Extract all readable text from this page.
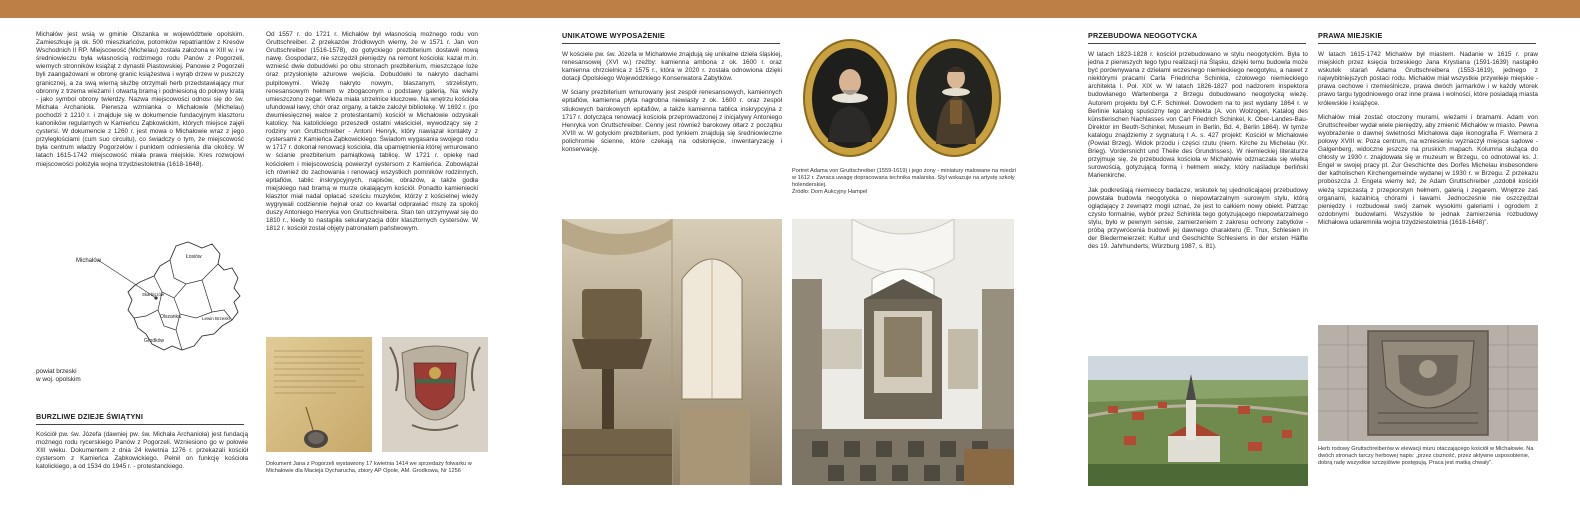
Michałów jest wsią w gminie Olszanka w województwie opolskim. Zamieszkuje ją ok. 500 mieszkańców, potomków repatriantów z Kresów Wschodnich II RP. Miejscowość (Michelau) została założona w XIII w. i w średniowieczu była własnością rodzimego rodu Panów z Pogorzeli, wiernych stronników książąt z dynastii Piastowskiej. Panowie z Pogorzeli byli zaangażowani w obronę granic książestwa i wyrąb drzew w puszczy granicznej, a za swą wierną służbę otrzymali herb przedstawiający mur obronny z trzema wieżami i otwartą bramą i podniesioną do połowy kratą - jako symbol obrony twierdzy. Nazwa miejscowości odnosi się do św. Michała Archanioła. Pierwsza wzmianka o Michałowie (Michelau) pochodzi z 1210 r. i znajduje się w dokumencie fundacyjnym klasztoru kanoników regularnych w Kamieńcu Ząbkowickim, których miejsce zajęli cystersi. W dokumencie z 1260 r. jest mowa o Michałowie wraz z jego przyległościami (cum suo circuitu), co świadczy o tym, że miejscowość była centrum władzy Pogorzelów i punktem odniesienia dla okolicy. W latach 1615-1742 miejscowość miała prawa miejskie. Kres rozwojowi miejscowości położyła wojna trzydziestoletnia (1618-1648).

Michałów
Łosiów
Skarbiszów
Olszanka	Lewin Brzeski
Grodków
powiat brzeski
w woj. opolskim
BURZLIWE DZIEJE ŚWIĄTYNI

Kościół pw. św. Józefa (dawniej pw. św. Michała Archanioła) jest fundacją możnego rodu rycerskiego Panów z Pogorzeli. Wzniesiono go w połowie XIII wieku. Dokumentem z dnia 24 kwietnia 1276 r. przekazali kościół cystersom z Kamieńca Ząbkowickiego. Pełnił on funkcję kościoła katolickiego, a od 1534 do 1945 r. - protestanckiego.

Od 1557 r. do 1721 r. Michałów był własnością możnego rodu von Gruttschreiber. Z przekazów źródłowych wiemy, że w 1571 r. Jan von Gruttschreiber (1516-1578), do gotyckiego prezbiterium dostawił nową nawę. Gospodarz, nie szczędził pieniędzy na remont kościoła: kazał m.in. wznieść dwie dobudówki po obu stronach prezbiterium, mieszczące loże oraz przysłonięte ażurowe wejścia. Dobudówki te nakryto dachami pulpitowymi. Wieżę nakryto nowym, blaszanym, strzelistym, renesansowym hełmem w zbogaconym u podstawy galerią. Na wieży umieszczono zegar. Wieża miała strzelnice kluczowe. Na wnętrzu kościoła ufundował ławy, chór oraz organy, a także założył bibliotekę. W 1692 r. (po dwumiesięcznej walce z protestantami) kościół w Michałowie odzyskali katolicy. Na katolickiego przeszedł ostatni właściciel, wywodzący się z rodziny von Gruttschreiber - Antoni Henryk, który nawiązał kontakty z cystersami z Kamieńca Ząbkowickiego. Świadom wygasania swojego rodu w 1717 r. dokonał renowacji kościoła, dla upamiętnienia której wmurowano w ścianie prezbiterium pamiątkową tablicę. W 1721 r. opiekę nad kościołem i miejscowością powierzył cystersom z Kamieńca. Zobowiązał ich również do zachowania i renowacji wszystkich pomników rodzinnych, epitafiów, tablic inskrypcyjnych, napisów, obrazów, a także godła miejskiego nad bramą w murze okalającym kościół. Ponadto kamieniecki klasztor miał nadal opłacać sześciu muzyków, którzy z kościelnej wieży wygrywali codziennie hejnał oraz co kwartał odprawiać mszę za spokój duszy Antoniego Henryka von Gruttschreibera. Stan ten utrzymywał się do 1810 r., kiedy to nastąpiła sekularyzacja dóbr klasztornych cystersów. W 1812 r. kościół został objęty patronatem państwowym.

Dokument Jana z Pogorzeli wystawiony 17 kwietnia 1414 we sprzedaży folwarku w Michałowie dla Macieja Dycharucha, zbiory AP Opole, AM. Grodkowa, Nr 1256
UNIKATOWE WYPOSAŻENIE

W kościele pw. św. Józefa w Michałowie znajdują się unikalne dzieła śląskiej, renesansowej (XVI w.) rzeźby: kamienna ambona z ok. 1600 r. oraz kamienna chrzcielnica z 1575 r., która w 2020 r. została odnowiona dzięki dotacji Opolskiego Wojewódzkiego Konserwatora Zabytków.

W ściany prezbiterium wmurowany jest zespół renesansowych, kamiennych epitafiów, kamienna płyta nagrobna niewiasty z ok. 1600 r. oraz zespół stiukowych barokowych epitafiów, a także kamienna tablica inskrypcyjna z 1717 r. dotycząca renowacji kościoła przeprowadzonej z inicjatywy Antoniego Henryka von Gruttschreiber. Cenny jest również barokowy ołtarz z początku XVIII w. W gotyckim prezbiterium, pod tynkiem znajdują się średniowieczne polichromie ścienne, które czekają na odsłonięcie, inwentaryzację i konserwację.

Portret Adama von Gruttschreiber (1559-1619) i jego żony - miniatury malowane na miedzi w 1612 r. Zwraca uwagę dopracowana technika malarska. Styl wskazuje na artystę szkoły holenderskiej.
Źródło: Dom Aukcyjny Hampel
PRZEBUDOWA NEOGOTYCKA

W latach 1823-1828 r. kościół przebudowano w stylu neogotyckim. Była to jedna z pierwszych tego typu realizacji na Śląsku, dzięki temu budowla może być porównywana z dziełami wczesnego niemieckiego neogotyku, a nawet z niektórymi pracami Carla Friedricha Schinkla, czołowego niemieckiego architekta I. Poł. XIX w. W latach 1826-1827 pod nadzorem inspektora budowlanego Wartenberga z Brzegu dobudowano neogotycką wieżę. Autorem projektu był C.F. Schinkel. Dowodem na to jest wydany 1864 r. w Berlinie katalog spuścizny tego architekta (A. von Wolzogen, Katalog des künstlerischen Nachlasses von Carl Friedrich Schinkel, k. Ober-Landes-Bau-Direktor im Beuth-Schinkel, Museum in Berlin, Bd. 4, Berlin 1864). W tymże katalogu znajdziemy z sygnaturą I A. s. 427 projekt: Kościół w Michałowie (Powiat Brzeg). Widok przodu i części rzutu (niem. Kirche zu Michelau (Kr. Brieg). Vordersnicht und Theile des Grundrisses). W niemieckiej literaturze przyjmuje się, że przebudowa kościoła w Michałowie odznaczała się wielką surowością, gotyzującą formą i hełmem wieży, który naśladuje berliński Marienkirche.

Jak podkreślają niemieccy badacze, wskutek tej ujednolicającej przebudowy powstała budowla neogotycka o niepowtarzalnym surowym stylu, którą oglądający z zewnątrz mogli uznać, że jest to całkiem nowy obiekt. Patrząc czysto formalnie, wybór przez Schinkla tego gotyzującego niepowtarzalnego stylu, było w pewnym sensie, zamierzeniem z zakresu ochrony zabytków - próbą przywrócenia budowli jej dawnego charakteru (E. Trux, Schlesien in der Biedermeierzeit: Kultur und Geschichte Schlesiens in der ersten Hälfte des 19. Jahrhunderts, Würzburg 1987, s. 81).

PRAWA MIEJSKIE

W latach 1615-1742 Michałów był miastem. Nadanie w 1615 r. praw miejskich przez księcia brzeskiego Jana Krystiana (1591-1639) nastąpiło wskutek starań Adama Gruttschreibera (1553-1619), jednego z najwybitniejszych postaci rodu. Michałów miał wszystkie przywileje miejskie - prawa cechowe i rzemieślnicze, prawa dwóch jarmarków i w każdy wtorek prawo targu tygodniowego oraz inne prawa i wolności, które posiadają miasta królewskie i książęce.

Michałów miał zostać otoczony murami, wieżami i bramami. Adam von Gruttschreiber wydał wiele pieniędzy, aby zmienić Michałów w miasto. Pewna wyobrażenie o dawnej świetności Michałowa daje ikonografia F. Wernera z połowy XVIII w. Poza centrum, na wzniesieniu wyznaczył miejsca sądowe - Galgenberg, widoczne jeszcze na pruskich mapach. Kolumna służąca do chłosty w 1930 r. znajdowała się w muzeum w Brzegu, co odnotował ks. J. Engel w swojej pracy pt. Zur Geschichte des Dorfes Michelau insbesondere der katholischen Kirchengemeinde wydanej w 1930 r. w Brzegu. Z przekazu proboszcza J. Engela wiemy też, że Adam Gruttschreiber „ozdobił kościół wieżą szpiczastą z przepiorstym hełmem, galerią i zegarem. Wnętrze zaś organami, kazalnicą chórami i ławami. Jednocześnie nie oszczędzał pieniędzy i rozbudował swój zamek wysokimi galeriami i ogrodem z ozdobnymi budowlami. Wszystkie te jednak zamierzenia rozbudowy Michałowa udaremniła wojna trzydziestoletnia (1618-1648)”.

Herb rodowy Gruttschreiberów w elewacji muru otaczającego kościół w Michałowie. Na dwóch stronach tarczy herbowej napis: „przez ciszność, przez aktywne usposobienie, dobrą radę wszystkie szczęśliwie postępują. Praca jest matką chwały”.
